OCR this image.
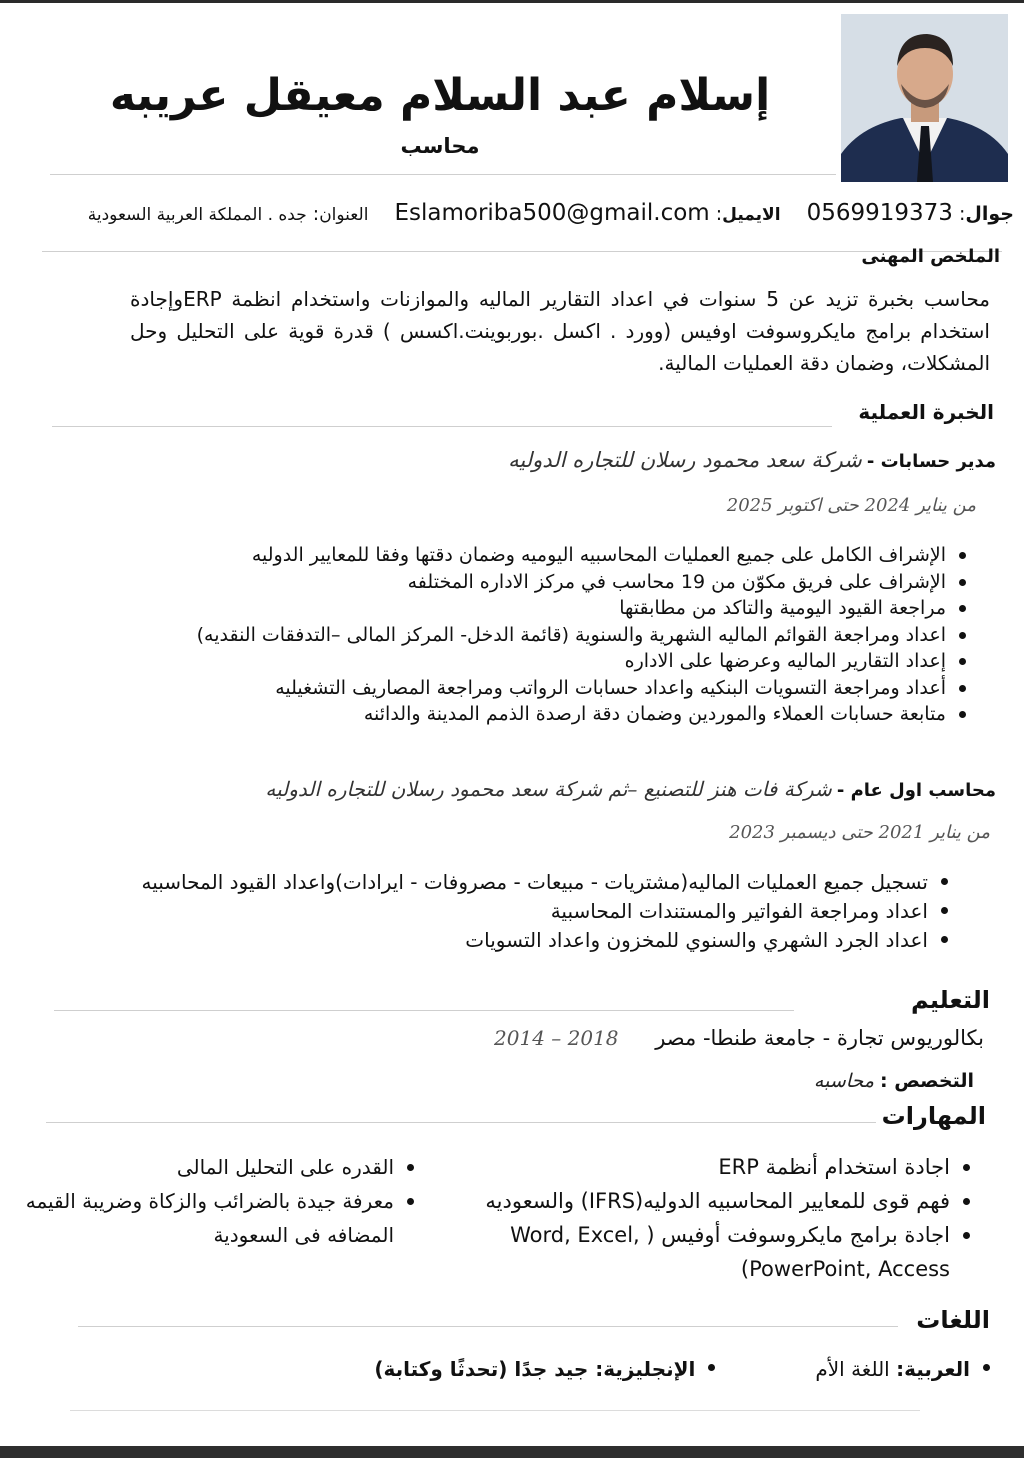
إسلام عبد السلام معيقل عريبه
محاسب
جوال: 0569919373 الايميل: Eslamoriba500@gmail.com العنوان: جده . المملكة العربية السعودية
الملخص المهنى
محاسب بخبرة تزيد عن 5 سنوات في اعداد التقارير الماليه والموازنات واستخدام انظمة ERPوإجادة استخدام برامج مايكروسوفت اوفيس (وورد . اكسل .بوربوينت.اكسس ) قدرة قوية على التحليل وحل المشكلات، وضمان دقة العمليات المالية.
الخبرة العملية
مدير حسابات - شركة سعد محمود رسلان للتجاره الدوليه
من يناير 2024 حتى اكتوبر 2025
الإشراف الكامل على جميع العمليات المحاسبيه اليوميه وضمان دقتها وفقا للمعايير الدوليه
الإشراف على فريق مكوّن من 19 محاسب في مركز الاداره المختلفه
مراجعة القيود اليومية والتاكد من مطابقتها
اعداد ومراجعة القوائم الماليه الشهرية والسنوية (قائمة الدخل- المركز المالى –التدفقات النقديه)
إعداد التقارير الماليه وعرضها على الاداره
أعداد ومراجعة التسويات البنكيه واعداد حسابات الرواتب ومراجعة المصاريف التشغيليه
متابعة حسابات العملاء والموردين وضمان دقة ارصدة الذمم المدينة والدائنه
محاسب اول عام - شركة فات هنز للتصنيع –ثم شركة سعد محمود رسلان للتجاره الدوليه
من يناير 2021 حتى ديسمبر 2023
تسجيل جميع العمليات الماليه(مشتريات - مبيعات - مصروفات - ايرادات)واعداد القيود المحاسبيه
اعداد ومراجعة الفواتير والمستندات المحاسبية
اعداد الجرد الشهري والسنوي للمخزون واعداد التسويات
التعليم
بكالوريوس تجارة - جامعة طنطا- مصر 2014 – 2018
التخصص : محاسبه
المهارات
اجادة استخدام أنظمة ERP
فهم قوى للمعايير المحاسبيه الدوليه(IFRS) والسعوديه
اجادة برامج مايكروسوفت أوفيس ( Word, Excel, PowerPoint, Access)
القدره على التحليل المالى
معرفة جيدة بالضرائب والزكاة وضريبة القيمه المضافه فى السعودية
اللغات
العربية: اللغة الأم
الإنجليزية: جيد جدًا (تحدثًا وكتابة)
